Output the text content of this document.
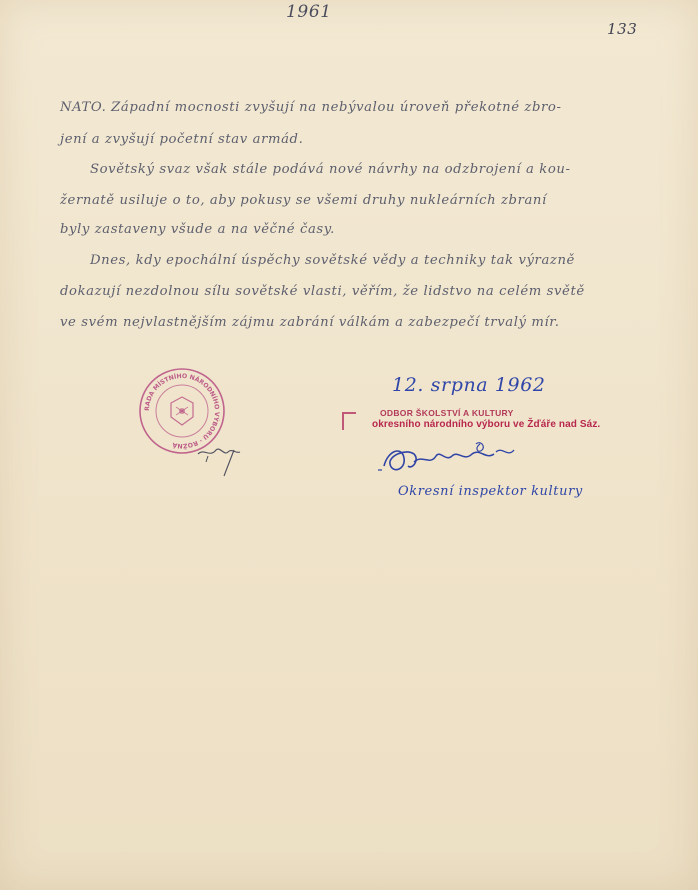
1961
133
NATO. Západní mocnosti zvyšují na nebývalou úroveň překotné zbro-
jení a zvyšují početní stav armád.
Sovětský svaz však stále podává nové návrhy na odzbrojení a kou-
žernatě usiluje o to, aby pokusy se všemi druhy nukleárních zbraní
byly zastaveny všude a na věčné časy.
Dnes, kdy epochální úspěchy sovětské vědy a techniky tak výrazně
dokazují nezdolnou sílu sovětské vlasti, věřím, že lidstvo na celém světě
ve svém nejvlastnějším zájmu zabrání válkám a zabezpečí trvalý mír.
RADA MÍSTNÍHO NÁRODNÍHO VÝBORU · ROŽNÁ
12. srpna 1962
ODBOR ŠKOLSTVÍ A KULTURY
okresního národního výboru ve Žďáře nad Sáz.
Okresní inspektor kultury
